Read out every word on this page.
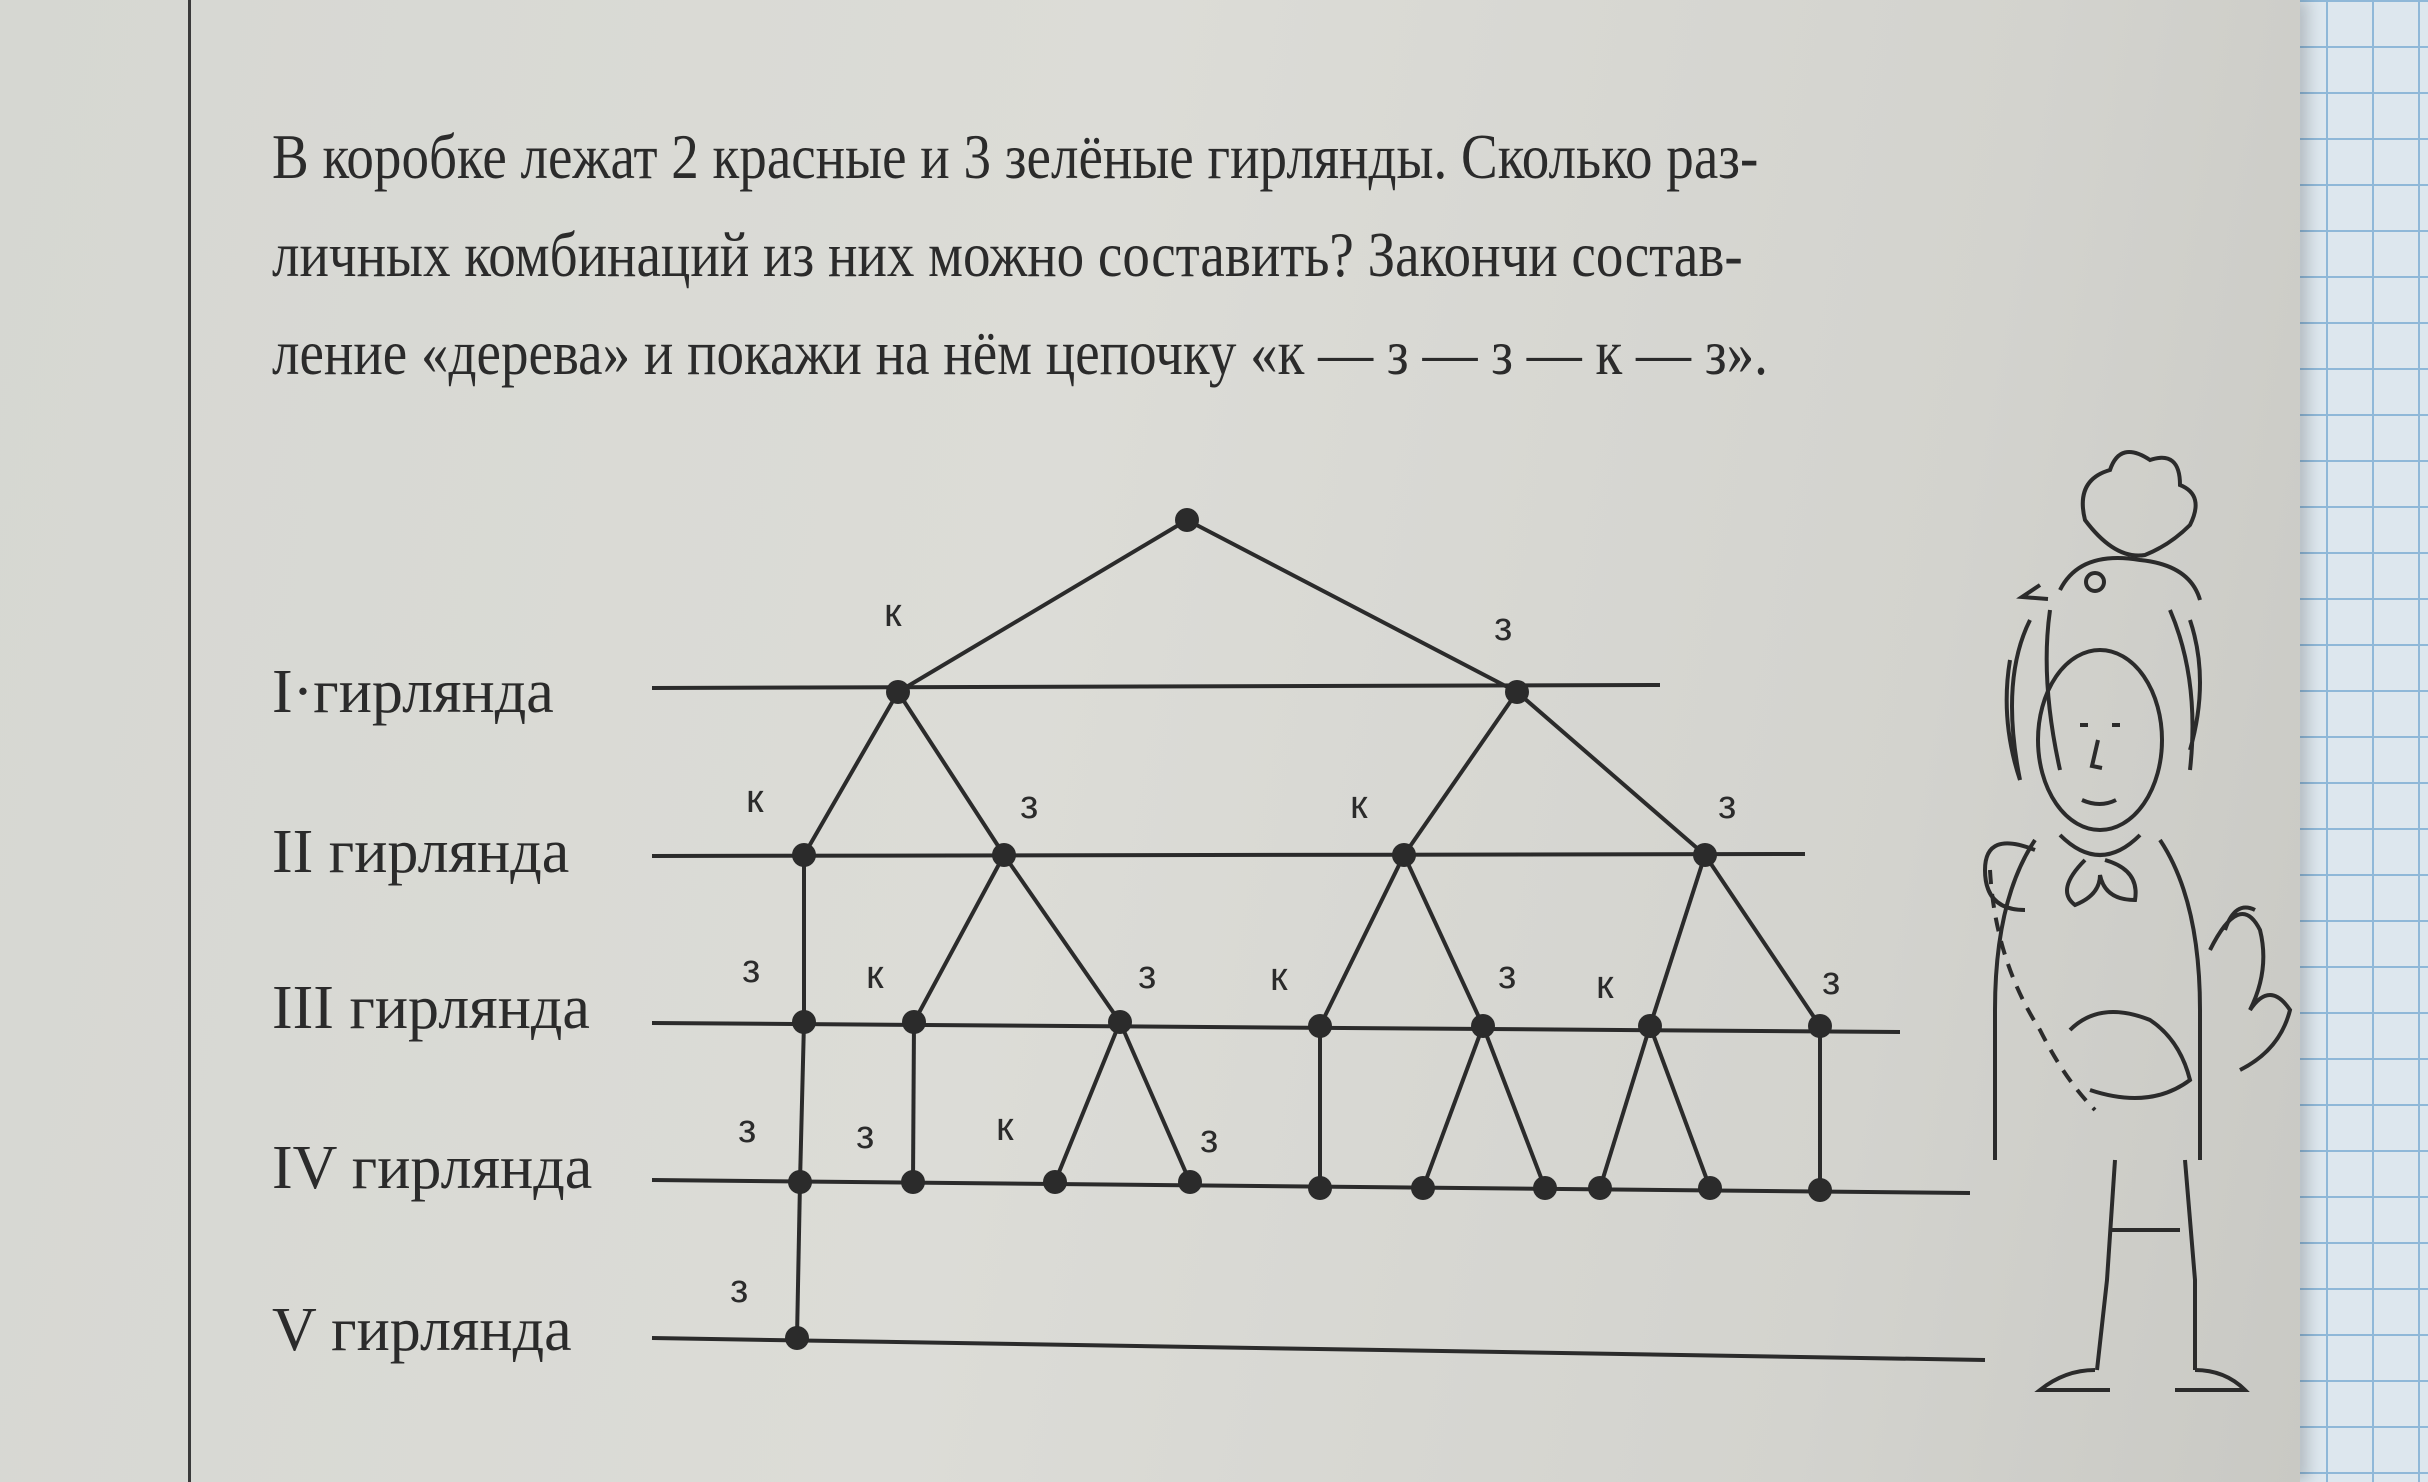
В коробке лежат 2 красные и 3 зелёные гирлянды. Сколько раз-
личных комбинаций из них можно составить? Закончи состав-
ление «дерева» и покажи на нём цепочку «к — з — з — к — з».
I·гирлянда
II гирлянда
III гирлянда
IV гирлянда
V гирлянда
к	з
к	з	к	з
з	к	з	к	з к	з
з з	к	з
з
